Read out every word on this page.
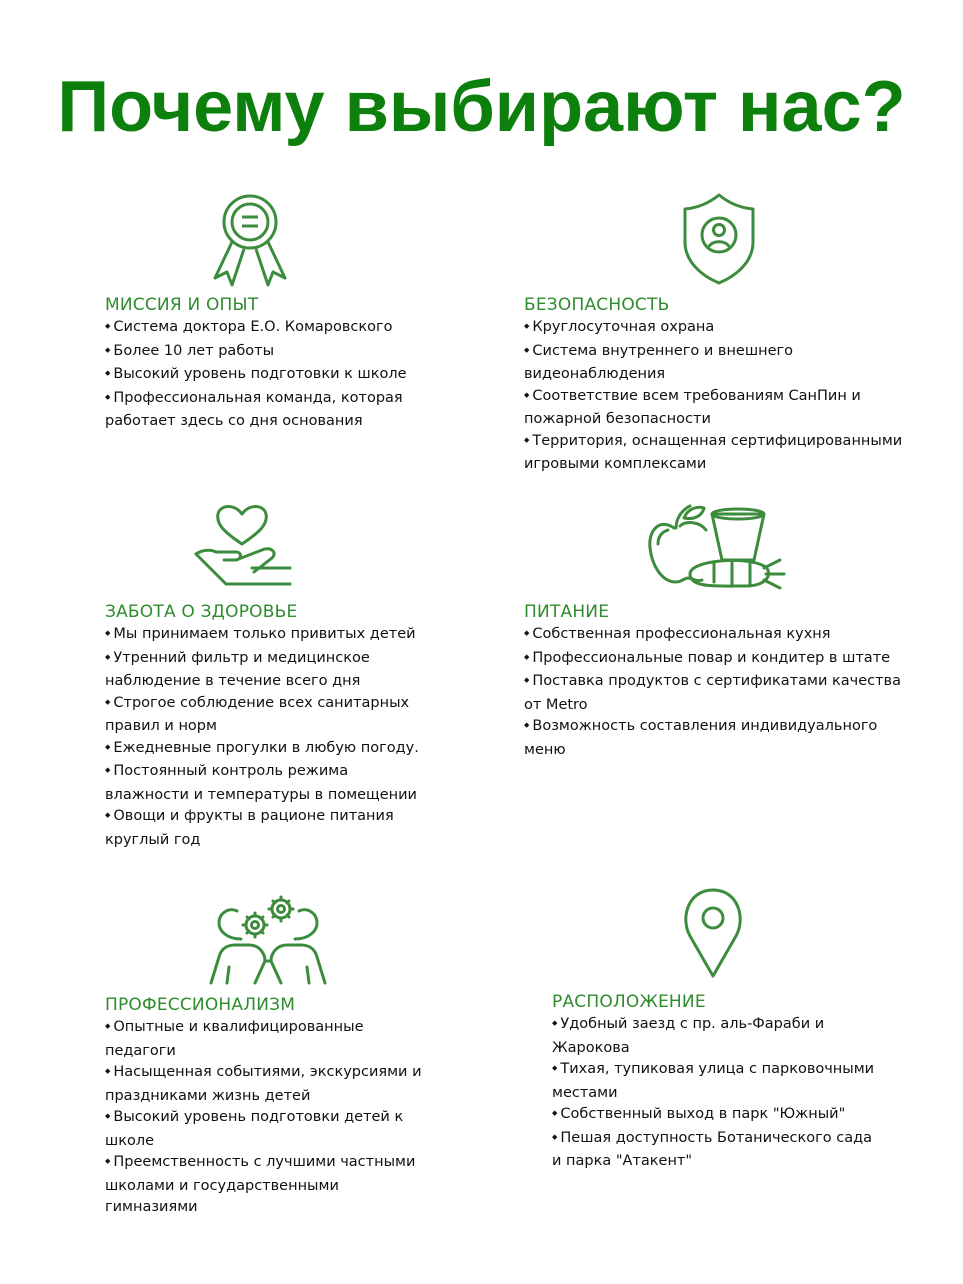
Почему выбирают нас?
МИССИЯ И ОПЫТ
◆ Система доктора Е.О. Комаровского
◆ Более 10 лет работы
◆ Высокий уровень подготовки к школе
◆ Профессиональная команда, которая работает здесь со дня основания
БЕЗОПАСНОСТЬ
◆ Круглосуточная охрана
◆ Система внутреннего и внешнего видеонаблюдения
◆ Соответствие всем требованиям СанПин и пожарной безопасности
◆ Территория, оснащенная сертифицированными игровыми комплексами
ЗАБОТА О ЗДОРОВЬЕ
◆ Мы принимаем только привитых детей
◆ Утренний фильтр и медицинское наблюдение в течение всего дня
◆ Строгое соблюдение всех санитарных правил и норм
◆ Ежедневные прогулки в любую погоду.
◆ Постоянный контроль режима влажности и температуры в помещении
◆ Овощи и фрукты в рационе питания круглый год
ПИТАНИЕ
◆ Собственная профессиональная кухня
◆ Профессиональные повар и кондитер в штате
◆ Поставка продуктов с сертификатами качества от Metro
◆ Возможность составления индивидуального меню
ПРОФЕССИОНАЛИЗМ
◆ Опытные и квалифицированные педагоги
◆ Насыщенная событиями, экскурсиями и праздниками жизнь детей
◆ Высокий уровень подготовки детей к школе
◆ Преемственность с лучшими частными школами и государственными гимназиями
РАСПОЛОЖЕНИЕ
◆ Удобный заезд с пр. аль-Фараби и Жарокова
◆ Тихая, тупиковая улица с парковочными местами
◆ Собственный выход в парк "Южный"
◆ Пешая доступность Ботанического сада и парка "Атакент"
